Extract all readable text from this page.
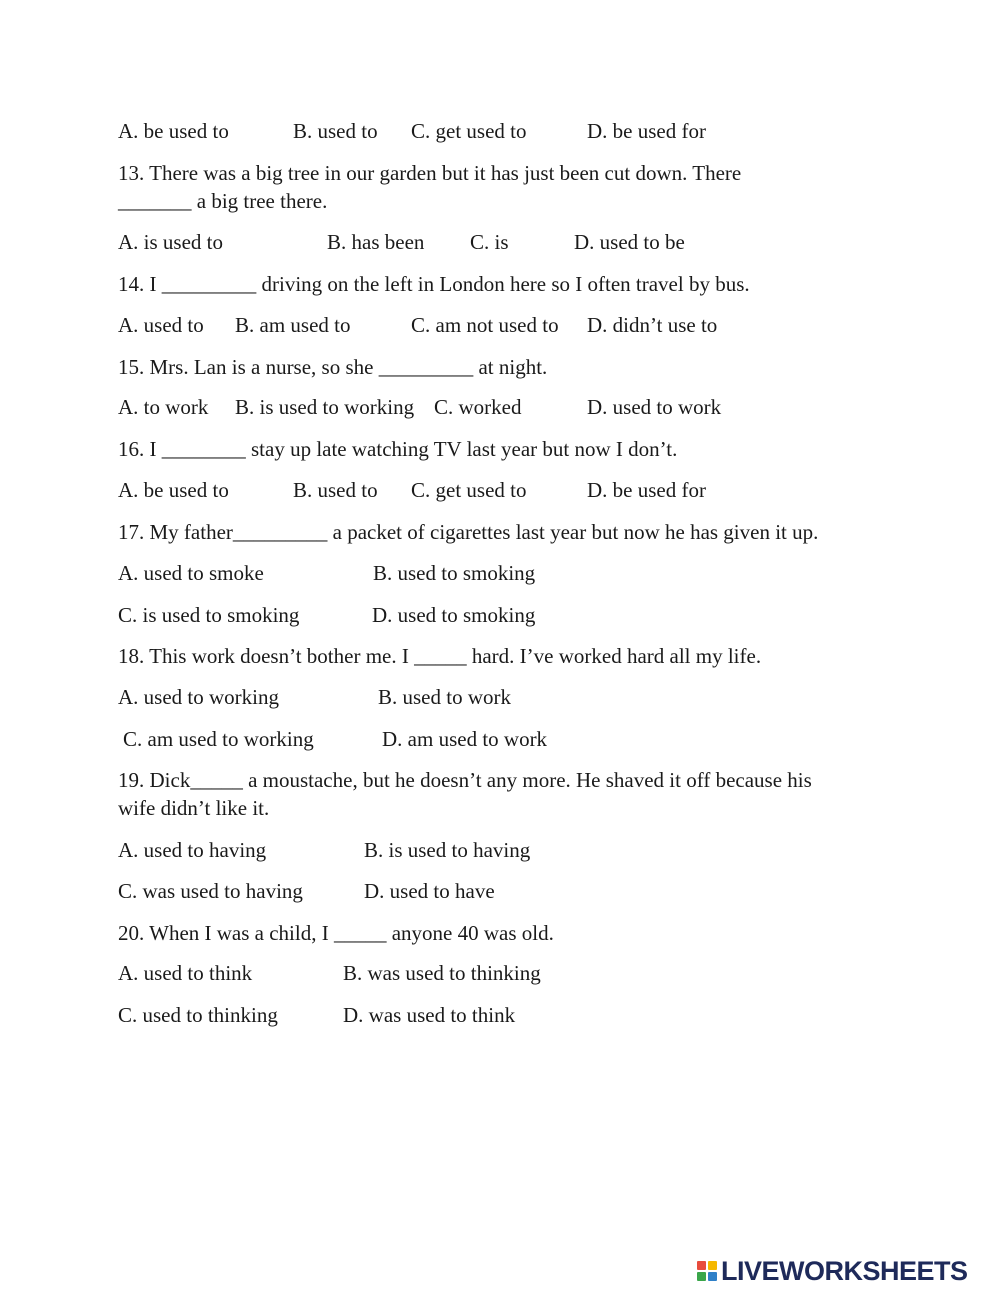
A. be used to	B. used to C. get used to	D. be used for
13. There was a big tree in our garden but it has just been cut down. There
_______ a big tree there.
A. is used to	B. has been C. is	D. used to be
14. I _________ driving on the left in London here so I often travel by bus.
A. used to B. am used to	C. am not used to D. didn’t use to
15. Mrs. Lan is a nurse, so she _________ at night.
A. to work B. is used to working C. worked	D. used to work
16. I ________ stay up late watching TV last year but now I don’t.
A. be used to	B. used to C. get used to	D. be used for
17. My father_________ a packet of cigarettes last year but now he has given it up.
A. used to smoke	B. used to smoking
C. is used to smoking	D. used to smoking
18. This work doesn’t bother me. I _____ hard. I’ve worked hard all my life.
A. used to working	B. used to work
C. am used to working	D. am used to work
19. Dick_____ a moustache, but he doesn’t any more. He shaved it off because his
wife didn’t like it.
A. used to having	B. is used to having
C. was used to having	D. used to have
20. When I was a child, I _____ anyone 40 was old.
A. used to think	B. was used to thinking
C. used to thinking	D. was used to think
LIVEWORKSHEETS
